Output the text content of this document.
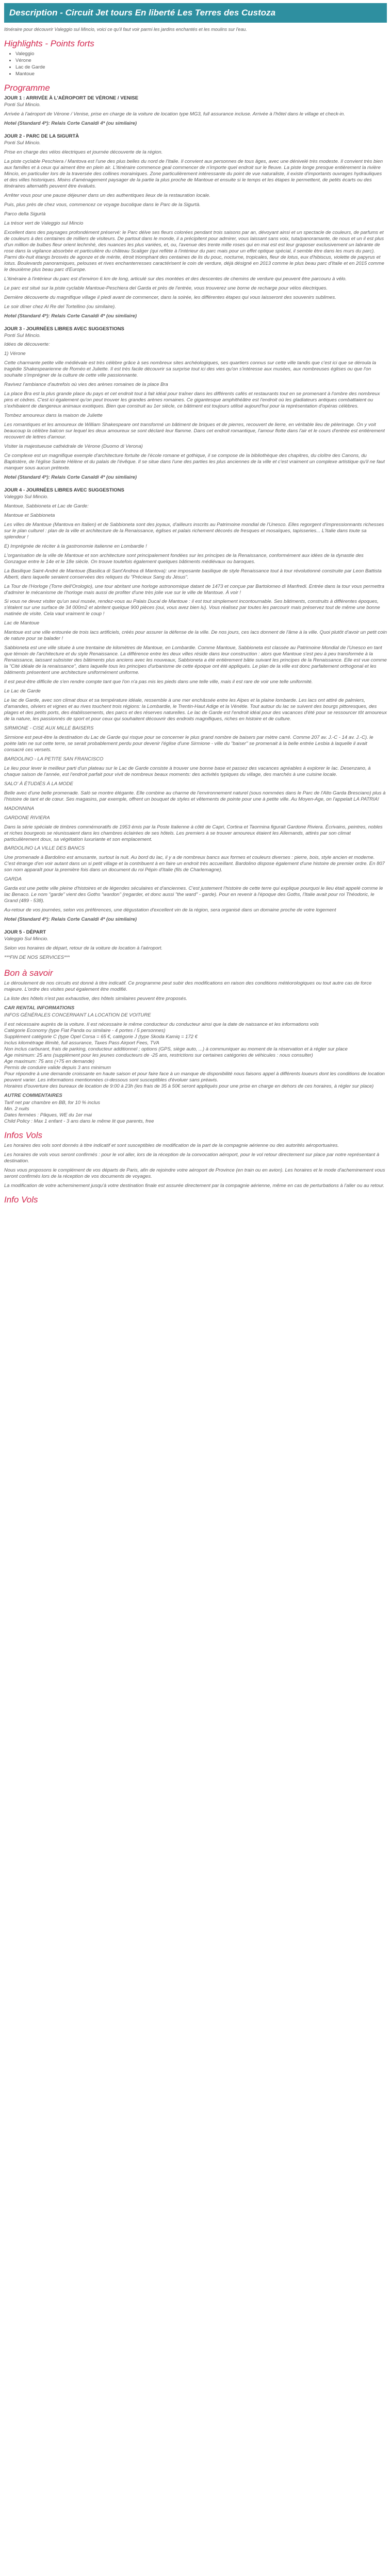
Description - Circuit Jet tours En liberté Les Terres des Custoza

Itinéraire pour découvrir Valeggio sul Mincio, voici ce qu'il faut voir parmi les jardins enchantés et les moulins sur l'eau.

Highlights - Points forts
• Valeggio
• Vérone
• Lac de Garde
• Mantoue
Programme
JOUR 1 : ARRIVÉE À L'AÉROPORT DE VÉRONE / VENISE
Ponti Sul Mincio.

Arrivée à l'aéroport de Vérone / Venise, prise en charge de la voiture de location type MG3, full assurance incluse. Arrivée à l'hôtel dans le village et check-in.

Hotel (Standard 4*): Relais Corte Canaldi 4* (ou similaire)
JOUR 2 - PARC DE LA SIGURTÀ
Ponti Sul Mincio.

Prise en charge des vélos électriques et journée découverte de la région.

La piste cyclable Peschiera / Mantova est l'une des plus belles du nord de l'Italie. Il convient aux personnes de tous âges, avec une dénivelé très modeste. Il convient très bien aux familles et à ceux qui aiment être en plein air. L'itinéraire commence geal commencer de n'importe quel endroit sur le fleuve. La piste longe presque entièrement la rivière Mincio, en particulier lors de la traversée des collines morainiques. Zone particulièrement intéressante du point de vue naturaliste, il existe d'importants ouvrages hydrauliques et des villes historiques. Moins d'aménagement paysager de la partie la plus proche de Mantoue et ensuite si le temps et les étapes le permettent, de petits écarts ou des itinéraires alternatifs peuvent être évalués.

Arrêter vous pour une pause déjeuner dans un des authentiques lieux de la restauration locale.

Puis, plus près de chez vous, commencez ce voyage bucolique dans le Parc de la Sigurtà.

Parco della Sigurtà

La trésor vert de Valeggio sul Mincio

Excellent dans des paysages profondément préservé: le Parc délve ses fleurs colorées pendant trois saisons par an, dévoyant ainsi et un spectacle de couleurs, de parfums et de couleurs à des centaines de milliers de visiteurs. De partout dans le monde, il a précipitent pour admirer, vous laissant sans voix, tuta/panoramante, de nous et un il est plus d'un million de bulbes fleur orient lechmhé, des nuances les plus variées, et, ou, l'avenue des trente mille roses qui en mai est est leur graposer exclusivement un labrante de rose dans la vigilance absorbée et particulière du château Scaliger (qui reflète à l'intérieur du parc mais pour un effet optique spécial, il semble être dans les murs du parc). Parmi dix-huit étangs brosvés de agonze et de mérite, étroit triomphant des centaines de lis du pouc, nocturne, tropicales, fleur de lotus, eux d'hibiscus, violette de papyrus et Iotus. Boulevards panoramiques, pelouses et rives enchanterresses caractérisent le coin de verdure, déjà désigné en 2013 comme le plus beau parc d'Italie et en 2015 comme le deuxième plus beau parc d'Europe.

L'itinéraire à l'intérieur du parc est d'environ 6 km de long, articulé sur des montées et des descentes de chemins de verdure qui peuvent être parcouru à vélo.

Le parc est situé sur la piste cyclable Mantoue-Peschiera del Garda et près de l'entrée, vous trouverez une borne de recharge pour vélos électriques.

Dernière découverte du magnifique village il piedi avant de commencer, dans la soirée, les différentes étapes qui vous laisseront des souvenirs sublimes.

Le soir dîner chez Al Re del Tortellino (ou similaire).

Hotel (Standard 4*): Relais Corte Canaldi 4* (ou similaire)
JOUR 3 - JOURNÉES LIBRES AVEC SUGGESTIONS
Ponti Sul Mincio.

Idées de découverte:

1) Vérone

Cette charmante petite ville médiévale est très célèbre grâce à ses nombreux sites archéologiques, ses quartiers connus sur cette ville tandis que c'est ici que se déroula la tragédie Shakespearienne de Roméo et Juliette. Il est très facile découvrir sa surprise tout ici des vies qu'on s'intéresse aux musées, aux nombreuses églises ou que l'on souhaite s'imprégner de la culture de cette ville passionnante.

Ravivez l'ambiance d'autrefois où vies des arènes romaines de la place Bra

La place Bra est la plus grande place du pays et cet endroit tout à fait idéal pour traîner dans les différents cafés et restaurants tout en se promenant à l'ombre des nombreux pins et cèdres. C'est ici également qu'on peut trouver les grandes arènes romaines. Ce gigantesque amphithéâtre est l'endroit où les gladiateurs antiques combattaient ou s'exhibaient de dangereux animaux exotiques. Bien que construit au 1er siècle, ce bâtiment est toujours utilisé aujourd'hui pour la représentation d'opéras célèbres.

Tombez amoureux dans la maison de Juliette

Les romantiques et les amoureux de William Shakespeare ont transformé un bâtiment de briques et de pierres, recouvert de lierre, en véritable lieu de pèlerinage. On y voit beaucoup la célèbre balcon sur lequel les deux amoureux se sont déclaré leur flamme. Dans cet endroit romantique, l'amour flotte dans l'air et le cours d'entrée est entièrement recouvert de lettres d'amour.

Visiter la majestueuse cathédrale de Vérone (Duomo di Verona)

Ce complexe est un magnifique exemple d'architecture fortuite de l'école romane et gothique, il se compose de la bibliothèque des chapitres, du cloître des Canons, du Baptistère, de l'église Sainte Hélène et du palais de l'évêque. Il se situe dans l'une des parties les plus anciennes de la ville et c'est vraiment un complexe artistique qu'il ne faut manquer sous aucun prétexte.

Hotel (Standard 4*): Relais Corte Canaldi 4* (ou similaire)
JOUR 4 - JOURNÉES LIBRES AVEC SUGGESTIONS
Valeggio Sul Mincio.

Mantoue, Sabbioneta et Lac de Garde:

Mantoue et Sabbioneta

Les villes de Mantoue (Mantova en Italien) et de Sabbioneta sont des joyaux, d'ailleurs inscrits au Patrimoine mondial de l'Unesco. Elles regorgent d'impressionnants richesses sur le plan culturel : plan de la ville et architecture de la Renaissance, églises et palais richement décorés de fresques et mosaïques, tapisseries... L'Italie dans toute sa splendeur !

E) Imprégnée de réciter à la gastronomie italienne en Lombardie !

L'organisation de la ville de Mantoue et son architecture sont principalement fondées sur les principes de la Renaissance, conformément aux idées de la dynastie des Gonzague entre le 14e et le 18e siècle. On trouve toutefois également quelques bâtiments médiévaux ou baroques.

La Basilique Saint-André de Mantoue (Basilica di Sant'Andrea di Mantova): une imposante basilique de style Renaissance tout à tour révolutionné construite par Leon Battista Alberti, dans laquelle seraient conservées des reliques du "Précieux Sang du Jésus".

La Tour de l'Horloge (Torre dell'Orologio), une tour abritant une horloge astronomique datant de 1473 et conçue par Bartolomeo di Manfredi. Entrée dans la tour vous permettra d'admirer le mécanisme de l'horloge mais aussi de profiter d'une très jolie vue sur le ville de Mantoue. À voir !

Si vous ne devez visiter qu'un seul musée, rendez-vous au Palais Ducal de Mantoue : il est tout simplement incontournable. Ses bâtiments, construits à différentes époques, s'étalent sur une surface de 34 000m2 et abritent quelque 900 pièces (oui, vous avez bien lu). Vous réalisez par toutes les parcourir mais préservez tout de même une bonne matinée de visite. Cela vaut vraiment le coup !

Lac de Mantoue

Mantoue est une ville entourée de trois lacs artificiels, créés pour assurer la défense de la ville. De nos jours, ces lacs donnent de l'âme à la ville. Quoi plutôt d'avoir un petit coin de nature pour se balader !

Sabbioneta est une ville située à une trentaine de kilomètres de Mantoue, en Lombardie. Comme Mantoue, Sabbioneta est classée au Patrimoine Mondial de l'Unesco en tant que témoin de l'architecture et du style Renaissance. La différence entre les deux villes réside dans leur construction : alors que Mantoue s'est peu à peu transformée à la Renaissance, laissant subsister des bâtiments plus anciens avec les nouveaux, Sabbioneta a été entièrement bâtie suivant les principes de la Renaissance. Elle est vue comme la "Cité idéale de la renaissance", dans laquelle tous les principes d'urbanisme de cette époque ont été appliqués. Le plan de la ville est donc parfaitement orthogonal et les bâtiments présentent une architecture uniformément uniforme.

Il est peut-être difficile de s'en rendre compte tant que l'on n'a pas mis les pieds dans une telle ville, mais il est rare de voir une telle uniformité.

Le Lac de Garde

Le lac de Garde, avec son climat doux et sa température idéale, ressemble à une mer enchâssée entre les Alpes et la plaine lombarde. Les lacs ont attiré de palmiers, d'amandes, oliviers et vignes et au rives touchent trois régions: la Lombardie, le Trentin-Haut Adige et la Vénétie. Tout autour du lac se suivent des bourgs pittoresques, des plages et des petits ports, des établissements, des parcs et des réserves naturelles. Le lac de Garde est l'endroit idéal pour des vacances d'été pour se ressourcer tôt amoureux de la nature, les passionnés de sport et pour ceux qui souhaitent découvrir des endroits magnifiques, riches en histoire et de culture.

SIRMIONE - CISE AUX MILLE BAISERS

Sirmione est peut-être la destination du Lac de Garde qui risque pour se concerner le plus grand nombre de baisers par mètre carré. Comme 207 av. J.-C - 14 av. J.-C). le poète latin ne sut cette terre, se serait probablement perdu pour devenir l'église d'une Sirmione - ville du "baiser" se promenait à la belle entrée Lesbia à laquelle il avait consacré ces versets.

BARDOLINO - LA PETITE SAN FRANCISCO

Le lieu pour lever le meilleur parti d'un plateau sur le Lac de Garde consiste à trouver une bonne base et passez des vacances agréables à explorer le lac. Desenzano, à chaque saison de l'année, est l'endroit parfait pour vivit de nombreux beaux moments: des activités typiques du village, des marchés à une cuisine locale.

SALO' À ÉTUDIÉS À LA MODE

Belle avec d'une belle promenade. Salò se montre élégante. Elle combine au charme de l'environnement naturel (sous nommées dans le Parc de l'Alto Garda Bresciano) plus à l'histoire de tant et de cœur. Ses magasins, par exemple, offrent un bouquet de styles et vêtements de pointe pour une à petite ville. Au Moyen-Age, on l'appelait LA PATRIA!

MADONNINA

GARDONE RIVIERA

Dans la série spéciale de timbres commémoratifs de 1953 émis par la Poste Italienne à côté de Capri, Cortina et Taormina figurait Gardone Riviera. Écrivains, peintres, nobles et riches bourgeois se réunissaient dans les chambres éclairées de ses hôtels. Les premiers à se trouver amoureux étaient les Allemands, attirés par son climat particulièrement doux, sa végétation luxuriante et son emplacement.

BARDOLINO LA VILLE DES BANCS

Une promenade à Bardolino est amusante, surtout la nuit. Au bord du lac, il y a de nombreux bancs aux formes et couleurs diverses : pierre, bois, style ancien et moderne. C'est étrange d'en voir autant dans un si petit village et la contribuent à en faire un endroit très accueillant. Bardolino dispose également d'une histoire de premier ordre. En 807 son nom apparaît pour la première fois dans un document du roi Pépin d'Italie (fils de Charlemagne).

GARDA

Garda est une petite ville pleine d'histoires et de légendes séculaires et d'anciennes. C'est justement l'histoire de cette terre qui explique pourquoi le lieu était appelé comme le lac Benaco. Le nom "garde" vient des Goths "wardon" (regarder, et donc aussi "the ward" - garde). Pour en revenir à l'époque des Goths, l'Italie avait pour roi Théodoric, le Grand (489 - 538).

Au-retour de vos journées, selon vos préférences, une dégustation d'excellent vin de la région, sera organisé dans un domaine proche de votre logement

Hotel (Standard 4*): Relais Corte Canaldi 4* (ou similaire)
JOUR 5 - DÉPART
Valeggio Sul Mincio.

Selon vos horaires de départ, retour de la voiture de location à l'aéroport.

***FIN DE NOS SERVICES***

Bon à savoir

Le déroulement de nos circuits est donné à titre indicatif. Ce programme peut subir des modifications en raison des conditions météorologiques ou tout autre cas de force majeure. L'ordre des visites peut également être modifié.

La liste des hôtels n'est pas exhaustive, des hôtels similaires peuvent être proposés.

CAR RENTAL INFORMATIONS
INFOS GÉNÉRALES CONCERNANT LA LOCATION DE VOITURE

Il est nécessaire auprès de la voiture. Il est nécessaire le même conducteur du conducteur ainsi que la date de naissance et les informations vols

Catégorie Economy (type Fiat Panda ou similaire - 4 portes / 5 personnes)

Supplément catégorie C (type Opel Corsa = 65 €, catégorie J (type Skoda Kamiq = 172 €

Inclus kilométrage illimité, full assurance, Taxes Pass Airport Fees, TVA

Non inclus carburant, frais de parking, conducteur additionnel ; options (GPS, siège auto, ...) à communiquer au moment de la réservation et à régler sur place

Age minimum: 25 ans (supplément pour les jeunes conducteurs de -25 ans, restrictions sur certaines catégories de véhicules : nous consulter)

Age maximum: 75 ans (+75 en demande)

Permis de conduire valide depuis 3 ans minimum

Pour répondre à une demande croissante en haute saison et pour faire face à un manque de disponibilité nous faisons appel à différents loueurs dont les conditions de location peuvent varier. Les informations mentionnées ci-dessous sont susceptibles d'évoluer sans préavis.

Horaires d'ouverture des bureaux de location de 9:00 à 23h (les frais de 35 à 50€ seront appliqués pour une prise en charge en dehors de ces horaires, à régler sur place)

AUTRE COMMENTAIRES

Tarif net par chambre en BB, for 10 % inclus

Min. 2 nuits

Dates fermées : Pâques, WE du 1er mai

Child Policy : Max 1 enfant - 3 ans dans le même lit que parents, free

Infos Vols

Les horaires des vols sont donnés à titre indicatif et sont susceptibles de modification de la part de la compagnie aérienne ou des autorités aéroportuaires.

Les horaires de vols vous seront confirmés : pour le vol aller, lors de la réception de la convocation aéroport, pour le vol retour directement sur place par notre représentant à destination.

Nous vous proposons le complément de vos départs de Paris, afin de rejoindre votre aéroport de Province (en train ou en avion). Les horaires et le mode d'acheminement vous seront confirmés lors de la réception de vos documents de voyages.

La modification de votre acheminement jusqu'à votre destination finale est assurée directement par la compagnie aérienne, même en cas de perturbations à l'aller ou au retour.

Info Vols
